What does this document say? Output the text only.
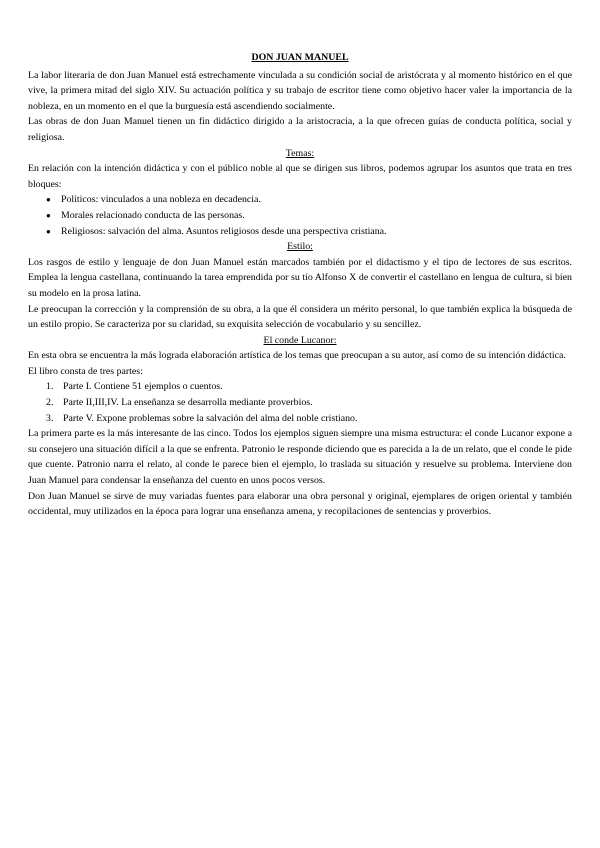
DON JUAN MANUEL

La labor literaria de don Juan Manuel está estrechamente vinculada a su condición social de aristócrata y al momento histórico en el que vive, la primera mitad del siglo XIV. Su actuación política y su trabajo de escritor tiene como objetivo hacer valer la importancia de la nobleza, en un momento en el que la burguesía está ascendiendo socialmente.

Las obras de don Juan Manuel tienen un fin didáctico dirigido a la aristocracia, a la que ofrecen guías de conducta política, social y religiosa.

Temas:

En relación con la intención didáctica y con el público noble al que se dirigen sus libros, podemos agrupar los asuntos que trata en tres bloques:

● Políticos: vinculados a una nobleza en decadencia.
● Morales relacionado conducta de las personas.
● Religiosos: salvación del alma. Asuntos religiosos desde una perspectiva cristiana.
Estilo:

Los rasgos de estilo y lenguaje de don Juan Manuel están marcados también por el didactismo y el tipo de lectores de sus escritos. Emplea la lengua castellana, continuando la tarea emprendida por su tío Alfonso X de convertir el castellano en lengua de cultura, si bien su modelo en la prosa latina.

Le preocupan la corrección y la comprensión de su obra, a la que él considera un mérito personal, lo que también explica la búsqueda de un estilo propio. Se caracteriza por su claridad, su exquisita selección de vocabulario y su sencillez.

El conde Lucanor:

En esta obra se encuentra la más lograda elaboración artística de los temas que preocupan a su autor, así como de su intención didáctica.

El libro consta de tres partes:

1. Parte I. Contiene 51 ejemplos o cuentos.
2. Parte II,III,IV. La enseñanza se desarrolla mediante proverbios.
3. Parte V. Expone problemas sobre la salvación del alma del noble cristiano.

La primera parte es la más interesante de las cinco. Todos los ejemplos siguen siempre una misma estructura: el conde Lucanor expone a su consejero una situación difícil a la que se enfrenta. Patronio le responde diciendo que es parecida a la de un relato, que el conde le pide que cuente. Patronio narra el relato, al conde le parece bien el ejemplo, lo traslada su situación y resuelve su problema. Interviene don Juan Manuel para condensar la enseñanza del cuento en unos pocos versos.

Don Juan Manuel se sirve de muy variadas fuentes para elaborar una obra personal y original, ejemplares de origen oriental y también occidental, muy utilizados en la época para lograr una enseñanza amena, y recopilaciones de sentencias y proverbios.
